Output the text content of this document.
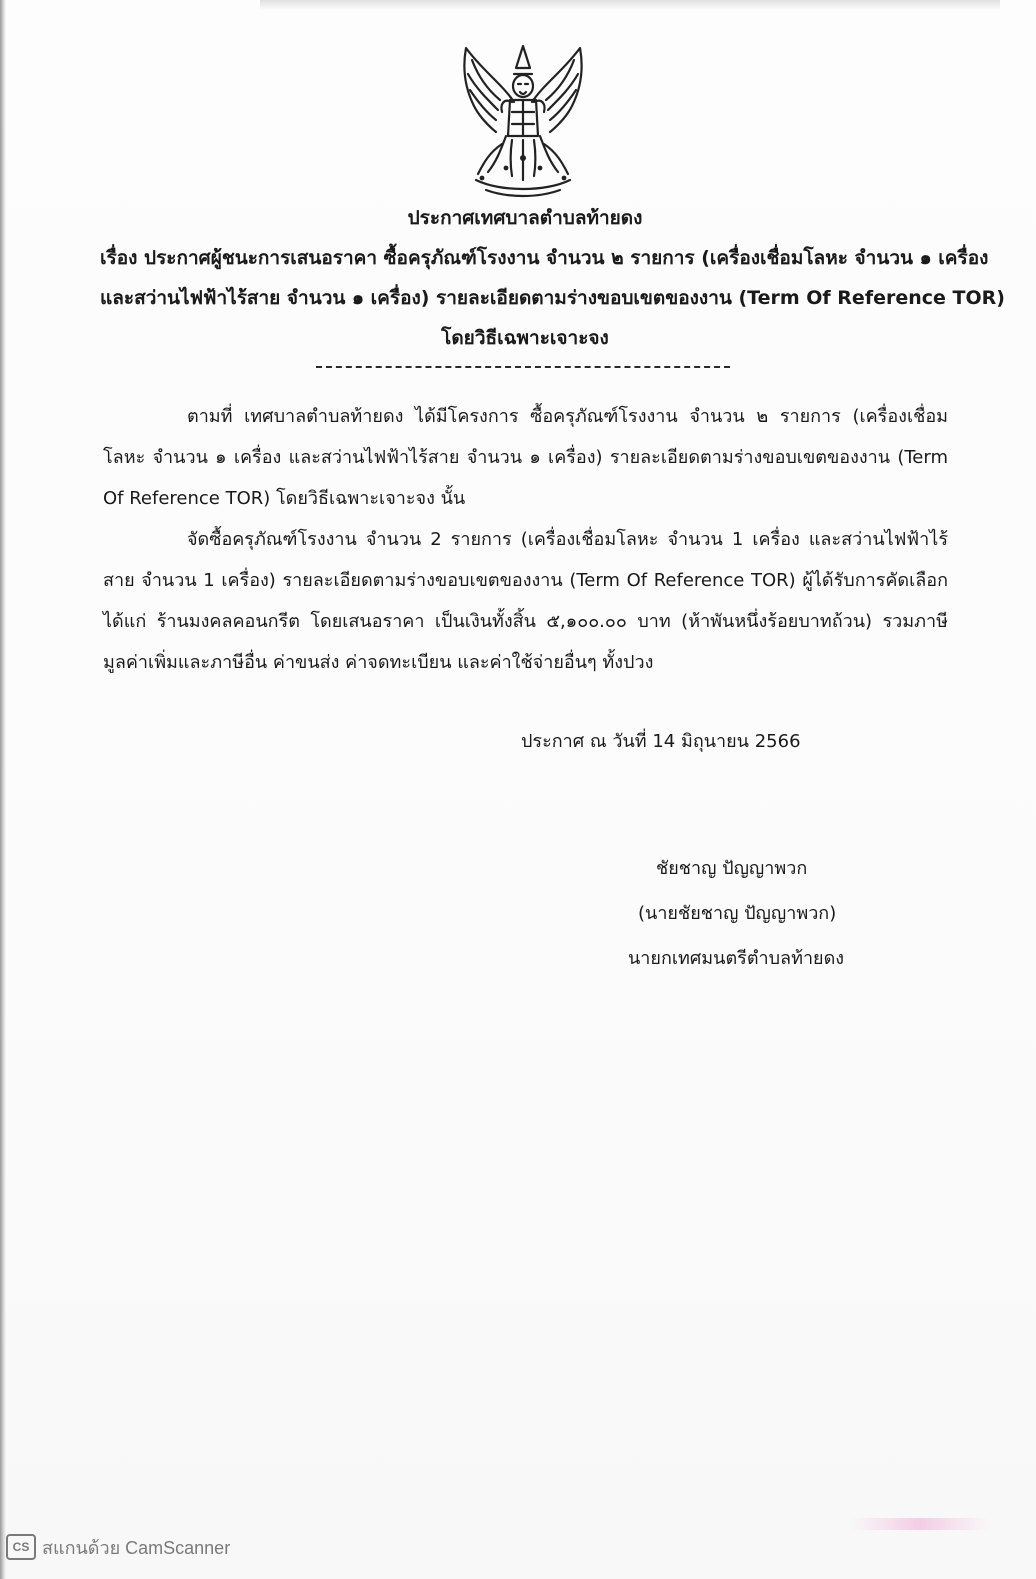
ประกาศเทศบาลตำบลท้ายดง
เรื่อง ประกาศผู้ชนะการเสนอราคา ซื้อครุภัณฑ์โรงงาน จำนวน ๒ รายการ (เครื่องเชื่อมโลหะ จำนวน ๑ เครื่อง
และสว่านไฟฟ้าไร้สาย จำนวน ๑ เครื่อง) รายละเอียดตามร่างขอบเขตของงาน (Term Of Reference TOR)
โดยวิธีเฉพาะเจาะจง

ตามที่ เทศบาลตำบลท้ายดง ได้มีโครงการ ซื้อครุภัณฑ์โรงงาน จำนวน ๒ รายการ (เครื่องเชื่อมโลหะ จำนวน ๑ เครื่อง และสว่านไฟฟ้าไร้สาย จำนวน ๑ เครื่อง) รายละเอียดตามร่างขอบเขตของงาน (Term Of Reference TOR) โดยวิธีเฉพาะเจาะจง นั้น

จัดซื้อครุภัณฑ์โรงงาน จำนวน 2 รายการ (เครื่องเชื่อมโลหะ จำนวน 1 เครื่อง และสว่านไฟฟ้าไร้สาย จำนวน 1 เครื่อง) รายละเอียดตามร่างขอบเขตของงาน (Term Of Reference TOR) ผู้ได้รับการคัดเลือก ได้แก่ ร้านมงคลคอนกรีต โดยเสนอราคา เป็นเงินทั้งสิ้น ๕,๑๐๐.๐๐ บาท (ห้าพันหนึ่งร้อยบาทถ้วน) รวมภาษีมูลค่าเพิ่มและภาษีอื่น ค่าขนส่ง ค่าจดทะเบียน และค่าใช้จ่ายอื่นๆ ทั้งปวง

ประกาศ ณ วันที่ 14 มิถุนายน 2566
ชัยชาญ ปัญญาพวก
(นายชัยชาญ ปัญญาพวก)
นายกเทศมนตรีตำบลท้ายดง
CS สแกนด้วย CamScanner
